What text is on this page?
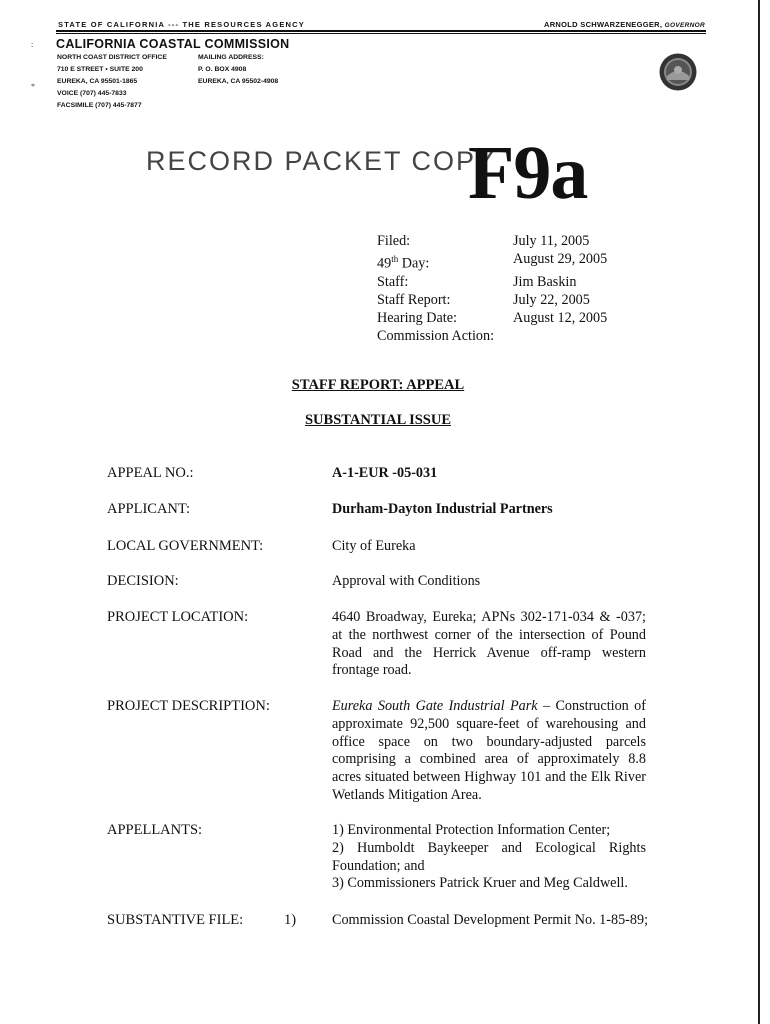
STATE OF CALIFORNIA --- THE RESOURCES AGENCY	ARNOLD SCHWARZENEGGER, GOVERNOR
CALIFORNIA COASTAL COMMISSION
NORTH COAST DISTRICT OFFICE
710 E STREET • SUITE 200
EUREKA, CA 95501-1865
VOICE (707) 445-7833
FACSIMILE (707) 445-7877
MAILING ADDRESS:
P. O. BOX 4908
EUREKA, CA 95502-4908
:
*
RECORD PACKET COPY
F9a
Filed:	July 11, 2005
49th Day:	August 29, 2005
Staff:	Jim Baskin
Staff Report:	July 22, 2005
Hearing Date:	August 12, 2005
Commission Action:
STAFF REPORT: APPEAL
SUBSTANTIAL ISSUE
APPEAL NO.:	A-1-EUR -05-031
APPLICANT:	Durham-Dayton Industrial Partners
LOCAL GOVERNMENT:	City of Eureka
DECISION:	Approval with Conditions
PROJECT LOCATION:	4640 Broadway, Eureka; APNs 302-171-034 & -037; at the northwest corner of the intersection of Pound Road and the Herrick Avenue off-ramp western frontage road.
PROJECT DESCRIPTION:	Eureka South Gate Industrial Park – Construction of approximate 92,500 square-feet of warehousing and office space on two boundary-adjusted parcels comprising a combined area of approximately 8.8 acres situated between Highway 101 and the Elk River Wetlands Mitigation Area.
APPELLANTS:	1) Environmental Protection Information Center;
2) Humboldt Baykeeper and Ecological Rights Foundation; and
3) Commissioners Patrick Kruer and Meg Caldwell.
SUBSTANTIVE FILE:	1)	Commission Coastal Development Permit No. 1-85-89;
